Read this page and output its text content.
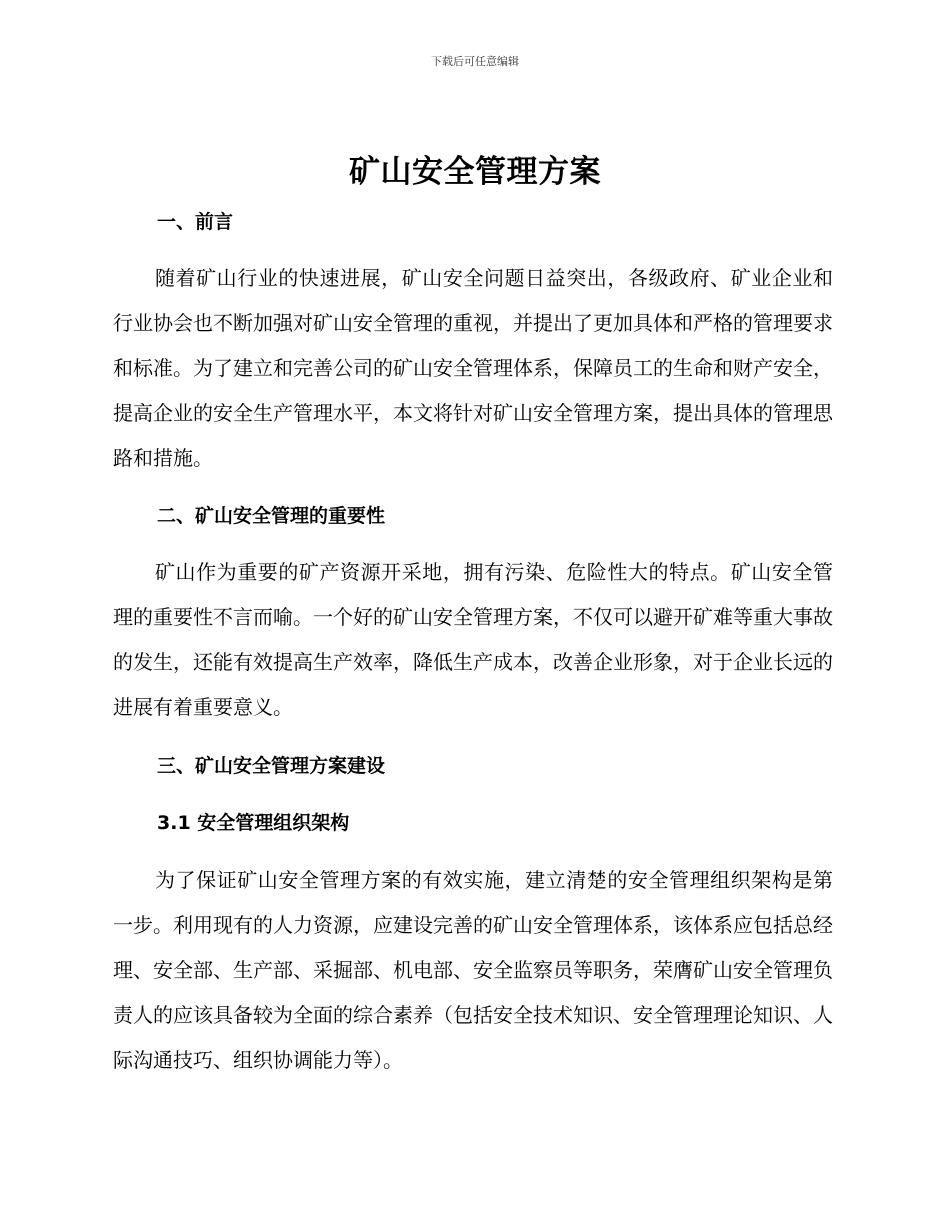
下载后可任意编辑
矿山安全管理方案
一、前言

随着矿山行业的快速进展，矿山安全问题日益突出，各级政府、矿业企业和行业协会也不断加强对矿山安全管理的重视，并提出了更加具体和严格的管理要求和标准。为了建立和完善公司的矿山安全管理体系，保障员工的生命和财产安全，提高企业的安全生产管理水平，本文将针对矿山安全管理方案，提出具体的管理思路和措施。

二、矿山安全管理的重要性

矿山作为重要的矿产资源开采地，拥有污染、危险性大的特点。矿山安全管理的重要性不言而喻。一个好的矿山安全管理方案，不仅可以避开矿难等重大事故的发生，还能有效提高生产效率，降低生产成本，改善企业形象，对于企业长远的进展有着重要意义。

三、矿山安全管理方案建设
3.1 安全管理组织架构

为了保证矿山安全管理方案的有效实施，建立清楚的安全管理组织架构是第一步。利用现有的人力资源，应建设完善的矿山安全管理体系，该体系应包括总经理、安全部、生产部、采掘部、机电部、安全监察员等职务，荣膺矿山安全管理负责人的应该具备较为全面的综合素养（包括安全技术知识、安全管理理论知识、人际沟通技巧、组织协调能力等）。
